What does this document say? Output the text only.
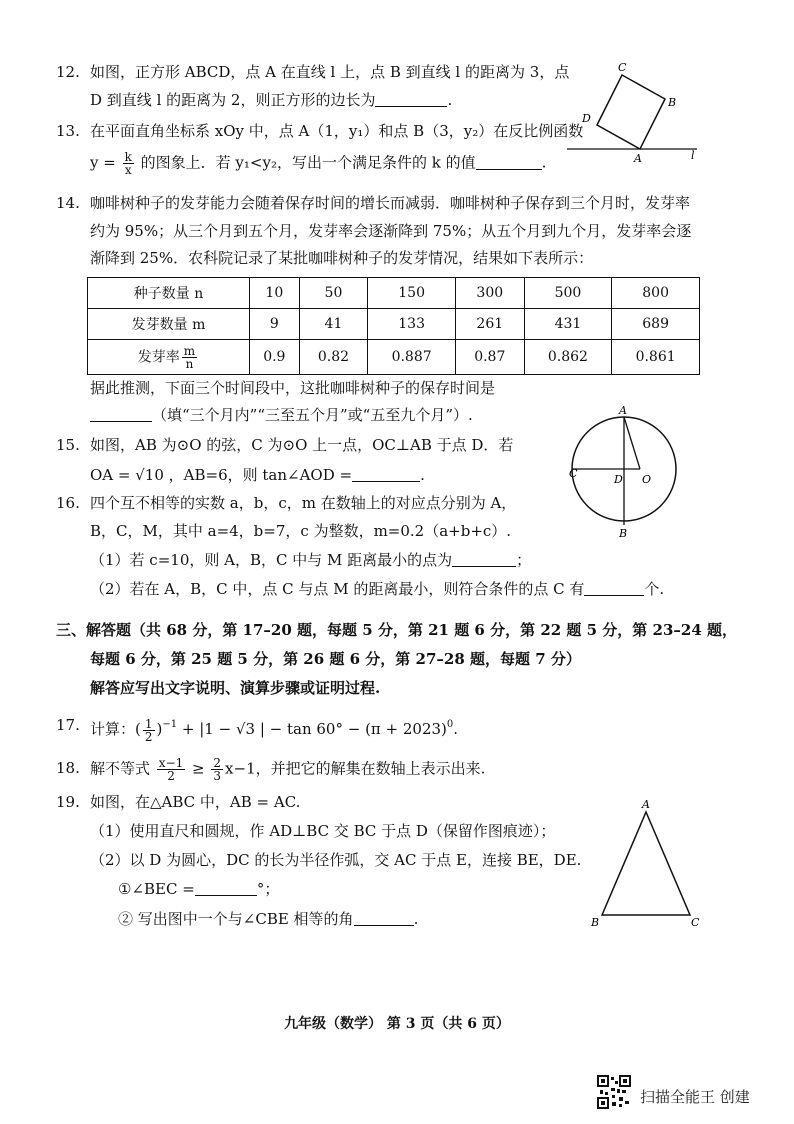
12. 如图，正方形 ABCD，点 A 在直线 l 上，点 B 到直线 l 的距离为 3，点
D 到直线 l 的距离为 2，则正方形的边长为	.
13. 在平面直角坐标系 xOy 中，点 A（1，y₁）和点 B（3，y₂）在反比例函数
$y = \frac{k}{x}$ 的图象上．若 y₁<y₂，写出一个满足条件的 k 的值	.
C
B
D
A	l
14. 咖啡树种子的发芽能力会随着保存时间的增长而减弱．咖啡树种子保存到三个月时，发芽率
约为 95%；从三个月到五个月，发芽率会逐渐降到 75%；从五个月到九个月，发芽率会逐
渐降到 25%．农科院记录了某批咖啡树种子的发芽情况，结果如下表所示：
种子数量 n	10	50	150	300	500	800
发芽数量 m	9	41	133	261	431	689
发芽率 $\frac{m}{n}$	0.9	0.82	0.887	0.87	0.862	0.861
据此推测，下面三个时间段中，这批咖啡树种子的保存时间是
（填“三个月内”“三至五个月”或“五至九个月”）.
15. 如图，AB 为⊙O 的弦，C 为⊙O 上一点，OC⊥AB 于点 D．若
OA = √10 ，AB=6，则 tan∠AOD =	.
A
C	D O
B
16. 四个互不相等的实数 a，b，c，m 在数轴上的对应点分别为 A，
B，C，M，其中 a=4，b=7，c 为整数，m=0.2（a+b+c）.
（1）若 c=10，则 A，B，C 中与 M 距离最小的点为	；
（2）若在 A，B，C 中，点 C 与点 M 的距离最小，则符合条件的点 C 有	个.
三、解答题（共 68 分，第 17–20 题，每题 5 分，第 21 题 6 分，第 22 题 5 分，第 23–24 题，
每题 6 分，第 25 题 5 分，第 26 题 6 分，第 27–28 题，每题 7 分）
解答应写出文字说明、演算步骤或证明过程.
17. 计算：( $\frac{1}{2} )^{-1} + |1 - √3$ | − $\tan 60^\circ - (\pi + 2023)^0$.
18. 解不等式 $\frac{x-1}{2} \ge \frac{2}{3} x-1$，并把它的解集在数轴上表示出来.
19. 如图，在△ABC 中，AB = AC.
（1）使用直尺和圆规，作 AD⊥BC 交 BC 于点 D（保留作图痕迹）；
（2）以 D 为圆心，DC 的长为半径作弧，交 AC 于点 E，连接 BE，DE.
①∠BEC =	°；
② 写出图中一个与∠CBE 相等的角	.
A
B	C
九年级（数学） 第 3 页（共 6 页）
扫描全能王 创建
